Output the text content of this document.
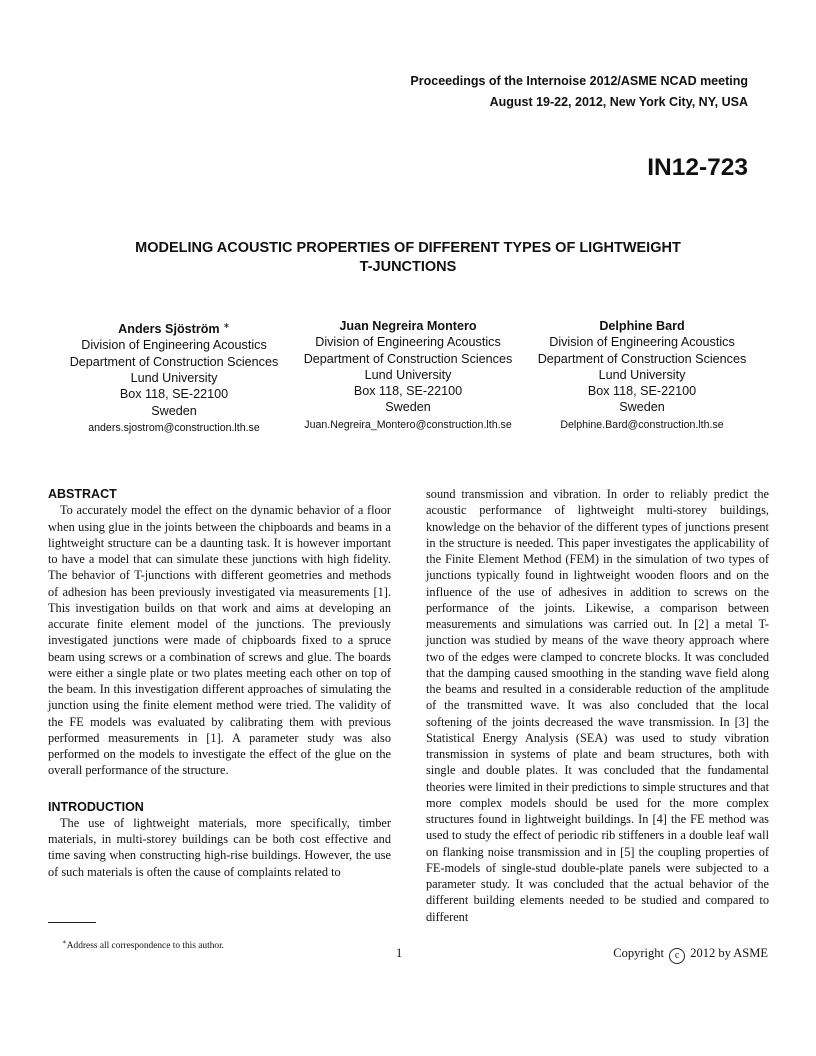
Proceedings of the Internoise 2012/ASME NCAD meeting
August 19-22, 2012, New York City, NY, USA
IN12-723
MODELING ACOUSTIC PROPERTIES OF DIFFERENT TYPES OF LIGHTWEIGHT
T-JUNCTIONS
Anders Sjöström ∗
Division of Engineering Acoustics
Department of Construction Sciences
Lund University
Box 118, SE-22100
Sweden
anders.sjostrom@construction.lth.se
Juan Negreira Montero
Division of Engineering Acoustics
Department of Construction Sciences
Lund University
Box 118, SE-22100
Sweden
Juan.Negreira_Montero@construction.lth.se
Delphine Bard
Division of Engineering Acoustics
Department of Construction Sciences
Lund University
Box 118, SE-22100
Sweden
Delphine.Bard@construction.lth.se
ABSTRACT

To accurately model the effect on the dynamic behavior of a floor when using glue in the joints between the chipboards and beams in a lightweight structure can be a daunting task. It is however important to have a model that can simulate these junctions with high fidelity. The behavior of T-junctions with different geometries and methods of adhesion has been previously investigated via measurements [1]. This investigation builds on that work and aims at developing an accurate finite element model of the junctions. The previously investigated junctions were made of chipboards fixed to a spruce beam using screws or a combination of screws and glue. The boards were either a single plate or two plates meeting each other on top of the beam. In this investigation different approaches of simulating the junction using the finite element method were tried. The validity of the FE models was evaluated by calibrating them with previous performed measurements in [1]. A parameter study was also performed on the models to investigate the effect of the glue on the overall performance of the structure.

INTRODUCTION

The use of lightweight materials, more specifically, timber materials, in multi-storey buildings can be both cost effective and time saving when constructing high-rise buildings. However, the use of such materials is often the cause of complaints related to

sound transmission and vibration. In order to reliably predict the acoustic performance of lightweight multi-storey buildings, knowledge on the behavior of the different types of junctions present in the structure is needed. This paper investigates the applicability of the Finite Element Method (FEM) in the simulation of two types of junctions typically found in lightweight wooden floors and on the influence of the use of adhesives in addition to screws on the performance of the joints. Likewise, a comparison between measurements and simulations was carried out. In [2] a metal T-junction was studied by means of the wave theory approach where two of the edges were clamped to concrete blocks. It was concluded that the damping caused smoothing in the standing wave field along the beams and resulted in a considerable reduction of the amplitude of the transmitted wave. It was also concluded that the local softening of the joints decreased the wave transmission. In [3] the Statistical Energy Analysis (SEA) was used to study vibration transmission in systems of plate and beam structures, both with single and double plates. It was concluded that the fundamental theories were limited in their predictions to simple structures and that more complex models should be used for the more complex structures found in lightweight buildings. In [4] the FE method was used to study the effect of periodic rib stiffeners in a double leaf wall on flanking noise transmission and in [5] the coupling properties of FE-models of single-stud double-plate panels were subjected to a parameter study. It was concluded that the actual behavior of the different building elements needed to be studied and compared to different

∗Address all correspondence to this author.	1	Copyright c 2012 by ASME
